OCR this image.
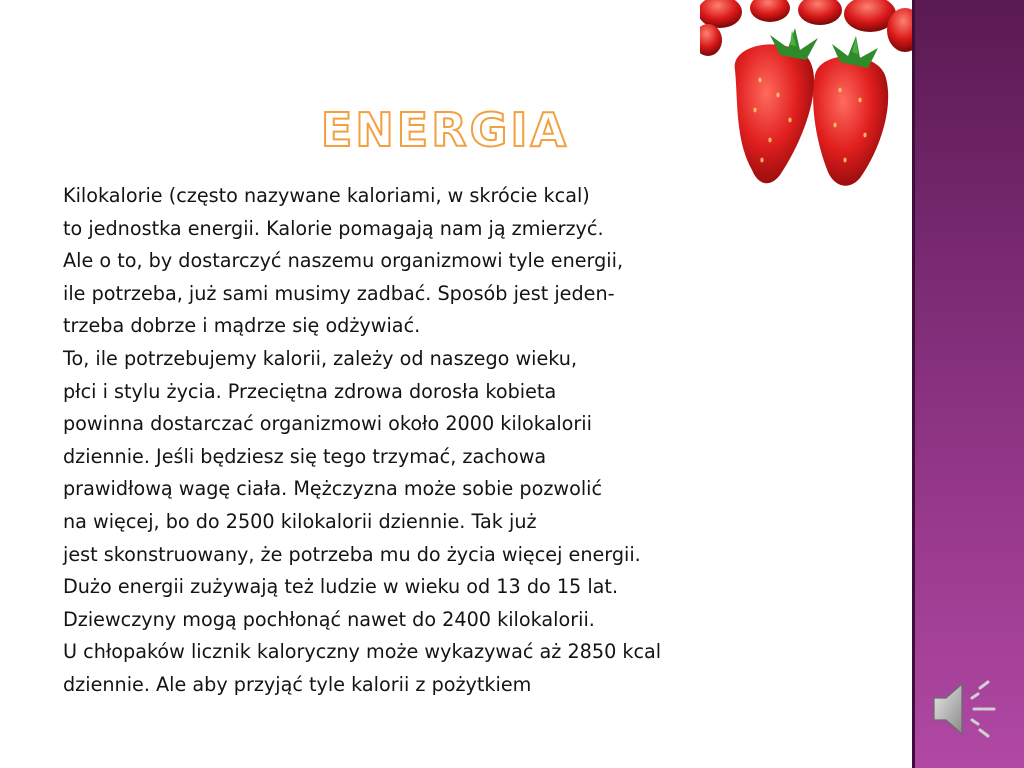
ENERGIA
Kilokalorie (często nazywane kaloriami, w skrócie kcal)
to jednostka energii. Kalorie pomagają nam ją zmierzyć.
Ale o to, by dostarczyć naszemu organizmowi tyle energii,
ile potrzeba, już sami musimy zadbać. Sposób jest jeden-
trzeba dobrze i mądrze się odżywiać.
To, ile potrzebujemy kalorii, zależy od naszego wieku,
płci i stylu życia. Przeciętna zdrowa dorosła kobieta
powinna dostarczać organizmowi około 2000 kilokalorii
dziennie. Jeśli będziesz się tego trzymać, zachowa
prawidłową wagę ciała. Mężczyzna może sobie pozwolić
na więcej, bo do 2500 kilokalorii dziennie. Tak już
jest skonstruowany, że potrzeba mu do życia więcej energii.
Dużo energii zużywają też ludzie w wieku od 13 do 15 lat.
Dziewczyny mogą pochłonąć nawet do 2400 kilokalorii.
U chłopaków licznik kaloryczny może wykazywać aż 2850 kcal
dziennie. Ale aby przyjąć tyle kalorii z pożytkiem
